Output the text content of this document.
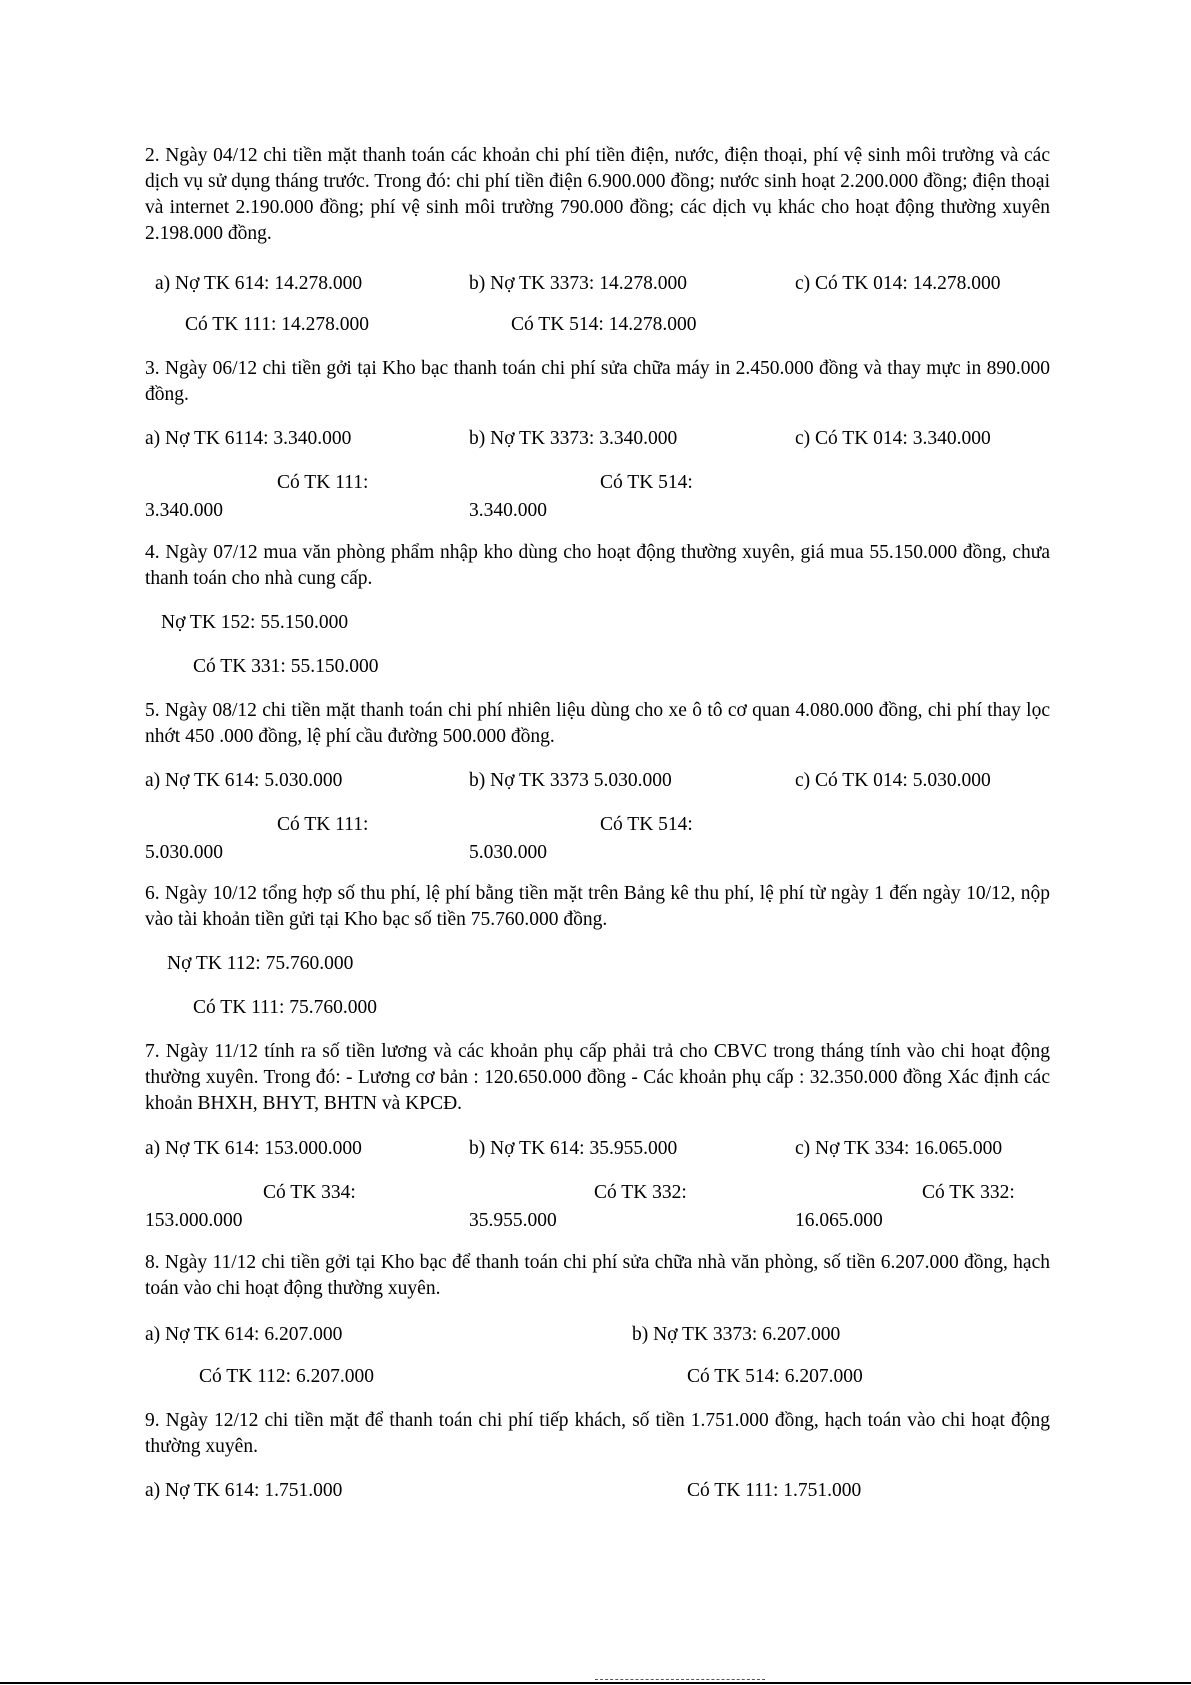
2. Ngày 04/12 chi tiền mặt thanh toán các khoản chi phí tiền điện, nước, điện thoại, phí vệ sinh môi trường và các dịch vụ sử dụng tháng trước. Trong đó: chi phí tiền điện 6.900.000 đồng; nước sinh hoạt 2.200.000 đồng; điện thoại và internet 2.190.000 đồng; phí vệ sinh môi trường 790.000 đồng; các dịch vụ khác cho hoạt động thường xuyên 2.198.000 đồng.

a) Nợ TK 614: 14.278.000	b) Nợ TK 3373: 14.278.000	c) Có TK 014: 14.278.000

Có TK 111: 14.278.000	Có TK 514: 14.278.000

3. Ngày 06/12 chi tiền gởi tại Kho bạc thanh toán chi phí sửa chữa máy in 2.450.000 đồng và thay mực in 890.000 đồng.

a) Nợ TK 6114: 3.340.000	b) Nợ TK 3373: 3.340.000	c) Có TK 014: 3.340.000

Có TK 111:

3.340.000

Có TK 514:

3.340.000

4. Ngày 07/12 mua văn phòng phẩm nhập kho dùng cho hoạt động thường xuyên, giá mua 55.150.000 đồng, chưa thanh toán cho nhà cung cấp.

Nợ TK 152: 55.150.000

Có TK 331: 55.150.000

5. Ngày 08/12 chi tiền mặt thanh toán chi phí nhiên liệu dùng cho xe ô tô cơ quan 4.080.000 đồng, chi phí thay lọc nhớt 450 .000 đồng, lệ phí cầu đường 500.000 đồng.

a) Nợ TK 614: 5.030.000	b) Nợ TK 3373 5.030.000	c) Có TK 014: 5.030.000

Có TK 111:

5.030.000

Có TK 514:

5.030.000

6. Ngày 10/12 tổng hợp số thu phí, lệ phí bằng tiền mặt trên Bảng kê thu phí, lệ phí từ ngày 1 đến ngày 10/12, nộp vào tài khoản tiền gửi tại Kho bạc số tiền 75.760.000 đồng.

Nợ TK 112: 75.760.000

Có TK 111: 75.760.000

7. Ngày 11/12 tính ra số tiền lương và các khoản phụ cấp phải trả cho CBVC trong tháng tính vào chi hoạt động thường xuyên. Trong đó: - Lương cơ bản : 120.650.000 đồng - Các khoản phụ cấp : 32.350.000 đồng Xác định các khoản BHXH, BHYT, BHTN và KPCĐ.

a) Nợ TK 614: 153.000.000	b) Nợ TK 614: 35.955.000	c) Nợ TK 334: 16.065.000

Có TK 334:

153.000.000

Có TK 332:

35.955.000

Có TK 332:

16.065.000

8. Ngày 11/12 chi tiền gởi tại Kho bạc để thanh toán chi phí sửa chữa nhà văn phòng, số tiền 6.207.000 đồng, hạch toán vào chi hoạt động thường xuyên.

a) Nợ TK 614: 6.207.000	b) Nợ TK 3373: 6.207.000

Có TK 112: 6.207.000	Có TK 514: 6.207.000

9. Ngày 12/12 chi tiền mặt để thanh toán chi phí tiếp khách, số tiền 1.751.000 đồng, hạch toán vào chi hoạt động thường xuyên.

a) Nợ TK 614: 1.751.000	Có TK 111: 1.751.000
